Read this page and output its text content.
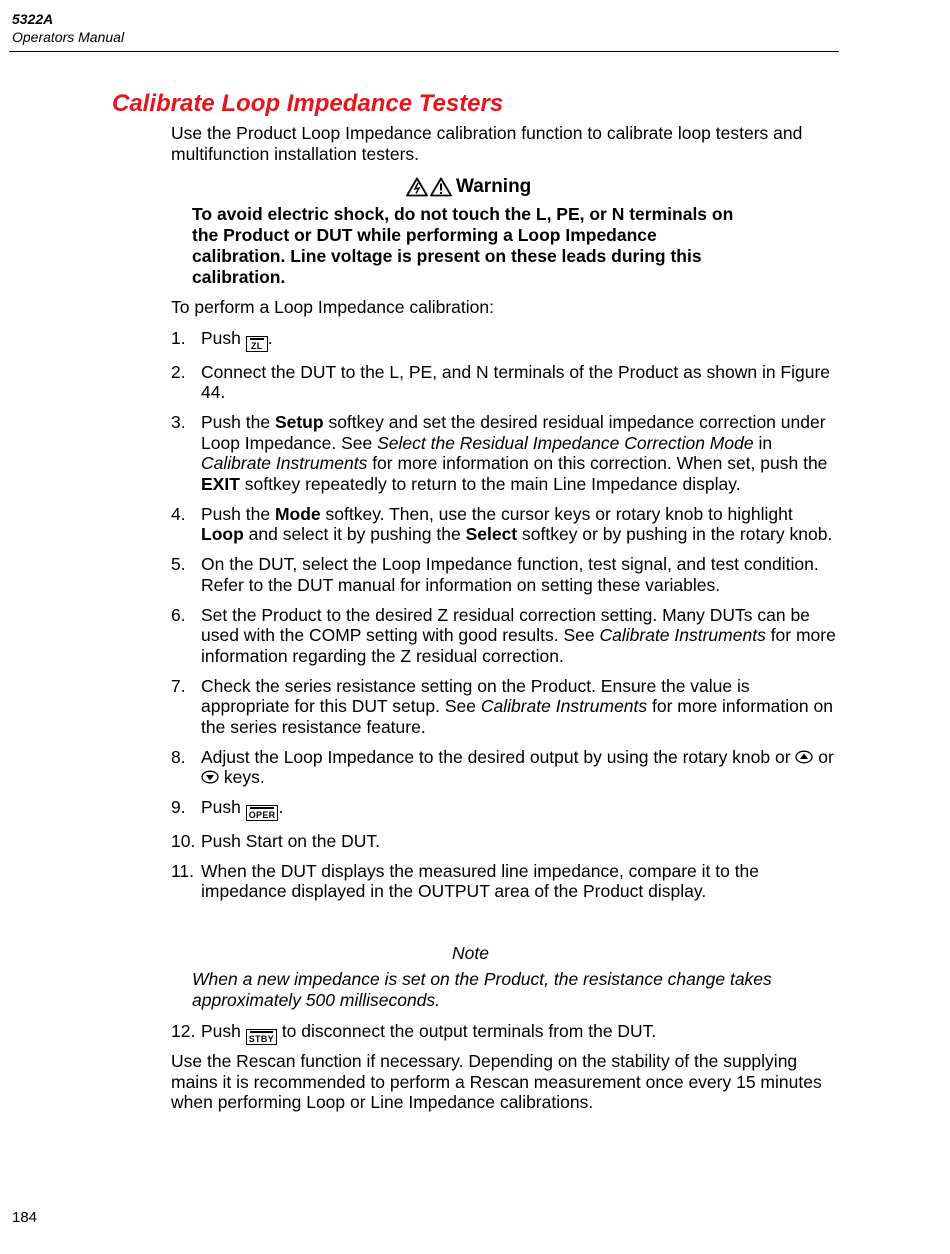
5322A
Operators Manual
Calibrate Loop Impedance Testers

Use the Product Loop Impedance calibration function to calibrate loop testers and multifunction installation testers.

Warning
To avoid electric shock, do not touch the L, PE, or N terminals on the Product or DUT while performing a Loop Impedance calibration. Line voltage is present on these leads during this calibration.

To perform a Loop Impedance calibration:

1. Push ZL .
2. Connect the DUT to the L, PE, and N terminals of the Product as shown in Figure 44.
3. Push the Setup softkey and set the desired residual impedance correction under Loop Impedance. See Select the Residual Impedance Correction Mode in Calibrate Instruments for more information on this correction. When set, push the EXIT softkey repeatedly to return to the main Line Impedance display.
4. Push the Mode softkey. Then, use the cursor keys or rotary knob to highlight Loop and select it by pushing the Select softkey or by pushing in the rotary knob.
5. On the DUT, select the Loop Impedance function, test signal, and test condition. Refer to the DUT manual for information on setting these variables.
6. Set the Product to the desired Z residual correction setting. Many DUTs can be used with the COMP setting with good results. See Calibrate Instruments for more information regarding the Z residual correction.
7. Check the series resistance setting on the Product. Ensure the value is appropriate for this DUT setup. See Calibrate Instruments for more information on the series resistance feature.
8. Adjust the Loop Impedance to the desired output by using the rotary knob or  or  keys.
9. Push OPER .
10. Push Start on the DUT.
11. When the DUT displays the measured line impedance, compare it to the impedance displayed in the OUTPUT area of the Product display.
Note
When a new impedance is set on the Product, the resistance change takes approximately 500 milliseconds.
12. Push STBY to disconnect the output terminals from the DUT.

Use the Rescan function if necessary. Depending on the stability of the supplying mains it is recommended to perform a Rescan measurement once every 15 minutes when performing Loop or Line Impedance calibrations.

184
